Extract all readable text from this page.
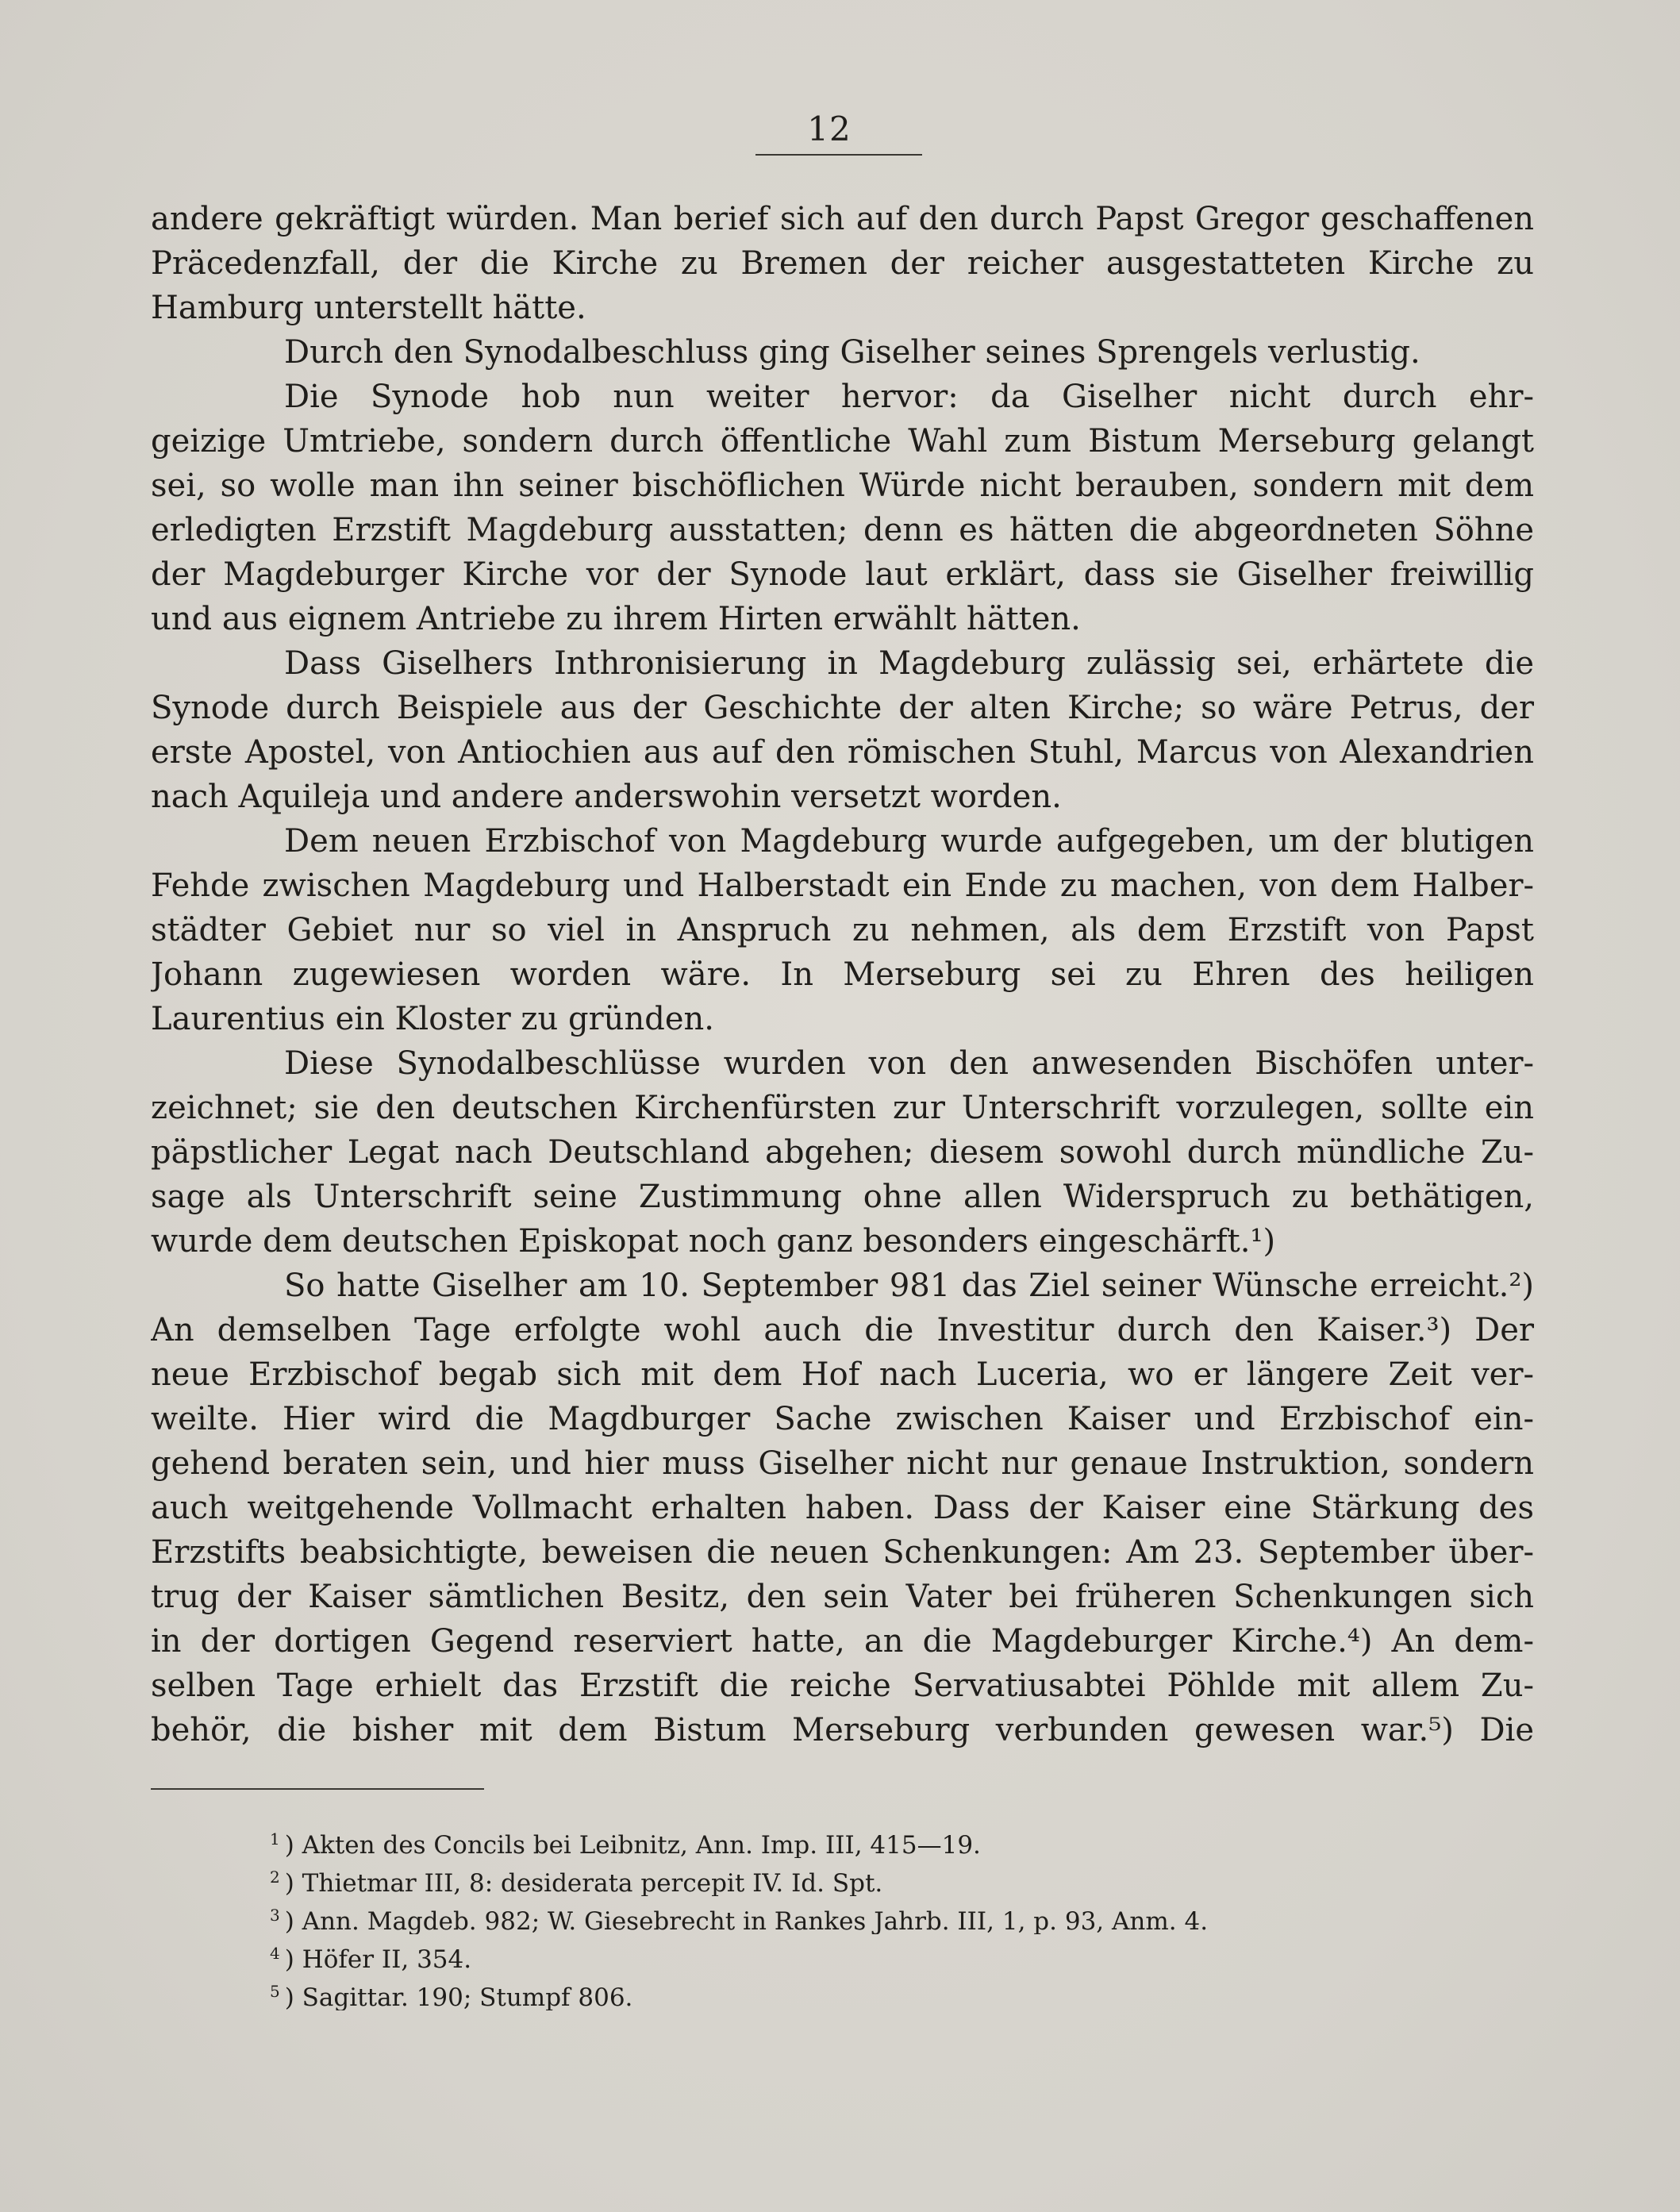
12
andere gekräftigt würden. Man berief sich auf den durch Papst Gregor geschaffenen
Präcedenzfall, der die Kirche zu Bremen der reicher ausgestatteten Kirche zu
Hamburg unterstellt hätte.
Durch den Synodalbeschluss ging Giselher seines Sprengels verlustig.
Die Synode hob nun weiter hervor: da Giselher nicht durch ehr-
geizige Umtriebe, sondern durch öffentliche Wahl zum Bistum Merseburg gelangt
sei, so wolle man ihn seiner bischöflichen Würde nicht berauben, sondern mit dem
erledigten Erzstift Magdeburg ausstatten; denn es hätten die abgeordneten Söhne
der Magdeburger Kirche vor der Synode laut erklärt, dass sie Giselher freiwillig
und aus eignem Antriebe zu ihrem Hirten erwählt hätten.
Dass Giselhers Inthronisierung in Magdeburg zulässig sei, erhärtete die
Synode durch Beispiele aus der Geschichte der alten Kirche; so wäre Petrus, der
erste Apostel, von Antiochien aus auf den römischen Stuhl, Marcus von Alexandrien
nach Aquileja und andere anderswohin versetzt worden.
Dem neuen Erzbischof von Magdeburg wurde aufgegeben, um der blutigen
Fehde zwischen Magdeburg und Halberstadt ein Ende zu machen, von dem Halber-
städter Gebiet nur so viel in Anspruch zu nehmen, als dem Erzstift von Papst
Johann zugewiesen worden wäre. In Merseburg sei zu Ehren des heiligen
Laurentius ein Kloster zu gründen.
Diese Synodalbeschlüsse wurden von den anwesenden Bischöfen unter-
zeichnet; sie den deutschen Kirchenfürsten zur Unterschrift vorzulegen, sollte ein
päpstlicher Legat nach Deutschland abgehen; diesem sowohl durch mündliche Zu-
sage als Unterschrift seine Zustimmung ohne allen Widerspruch zu bethätigen,
wurde dem deutschen Episkopat noch ganz besonders eingeschärft.¹)
So hatte Giselher am 10. September 981 das Ziel seiner Wünsche erreicht.²)
An demselben Tage erfolgte wohl auch die Investitur durch den Kaiser.³) Der
neue Erzbischof begab sich mit dem Hof nach Luceria, wo er längere Zeit ver-
weilte. Hier wird die Magdburger Sache zwischen Kaiser und Erzbischof ein-
gehend beraten sein, und hier muss Giselher nicht nur genaue Instruktion, sondern
auch weitgehende Vollmacht erhalten haben. Dass der Kaiser eine Stärkung des
Erzstifts beabsichtigte, beweisen die neuen Schenkungen: Am 23. September über-
trug der Kaiser sämtlichen Besitz, den sein Vater bei früheren Schenkungen sich
in der dortigen Gegend reserviert hatte, an die Magdeburger Kirche.⁴) An dem-
selben Tage erhielt das Erzstift die reiche Servatiusabtei Pöhlde mit allem Zu-
behör, die bisher mit dem Bistum Merseburg verbunden gewesen war.⁵) Die
$^1$ ) Akten des Concils bei Leibnitz, Ann. Imp. III, 415—19.
$^2$ ) Thietmar III, 8: desiderata percepit IV. Id. Spt.
$^3$ ) Ann. Magdeb. 982; W. Giesebrecht in Rankes Jahrb. III, 1, p. 93, Anm. 4.
$^4$ ) Höfer II, 354.
$^5$ ) Sagittar. 190; Stumpf 806.
